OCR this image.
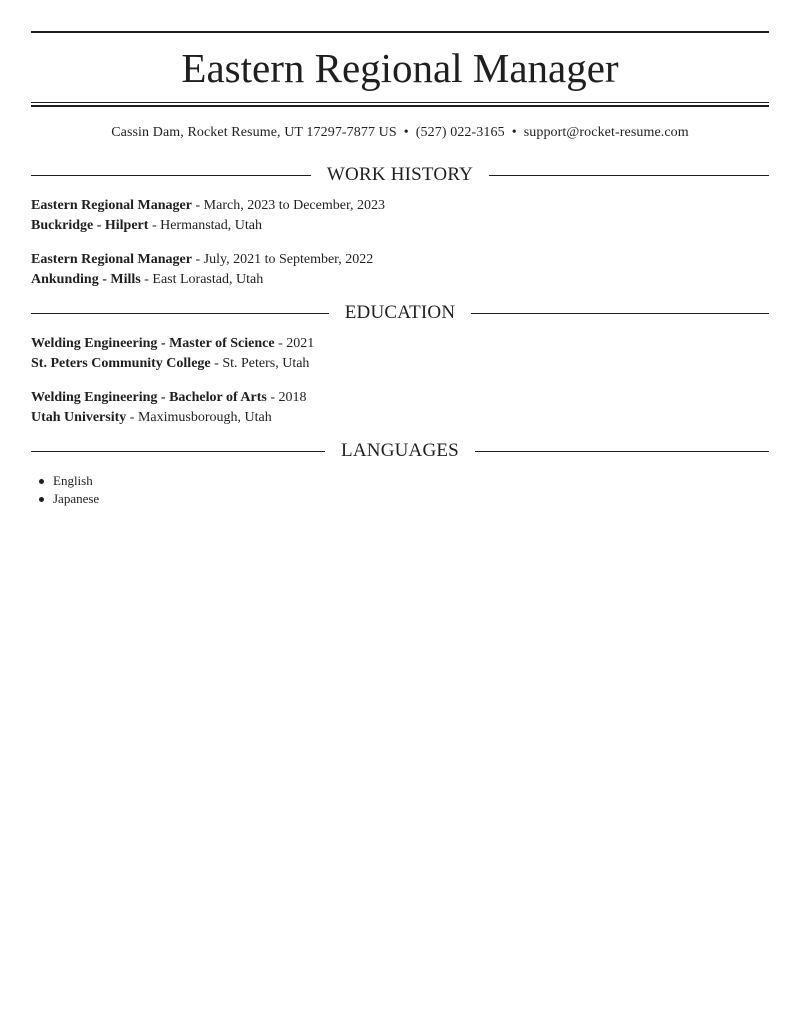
Eastern Regional Manager
Cassin Dam, Rocket Resume, UT 17297-7877 US • (527) 022-3165 • support@rocket-resume.com
WORK HISTORY
Eastern Regional Manager - March, 2023 to December, 2023
Buckridge - Hilpert - Hermanstad, Utah
Eastern Regional Manager - July, 2021 to September, 2022
Ankunding - Mills - East Lorastad, Utah
EDUCATION
Welding Engineering - Master of Science - 2021
St. Peters Community College - St. Peters, Utah
Welding Engineering - Bachelor of Arts - 2018
Utah University - Maximusborough, Utah
LANGUAGES
English
Japanese
